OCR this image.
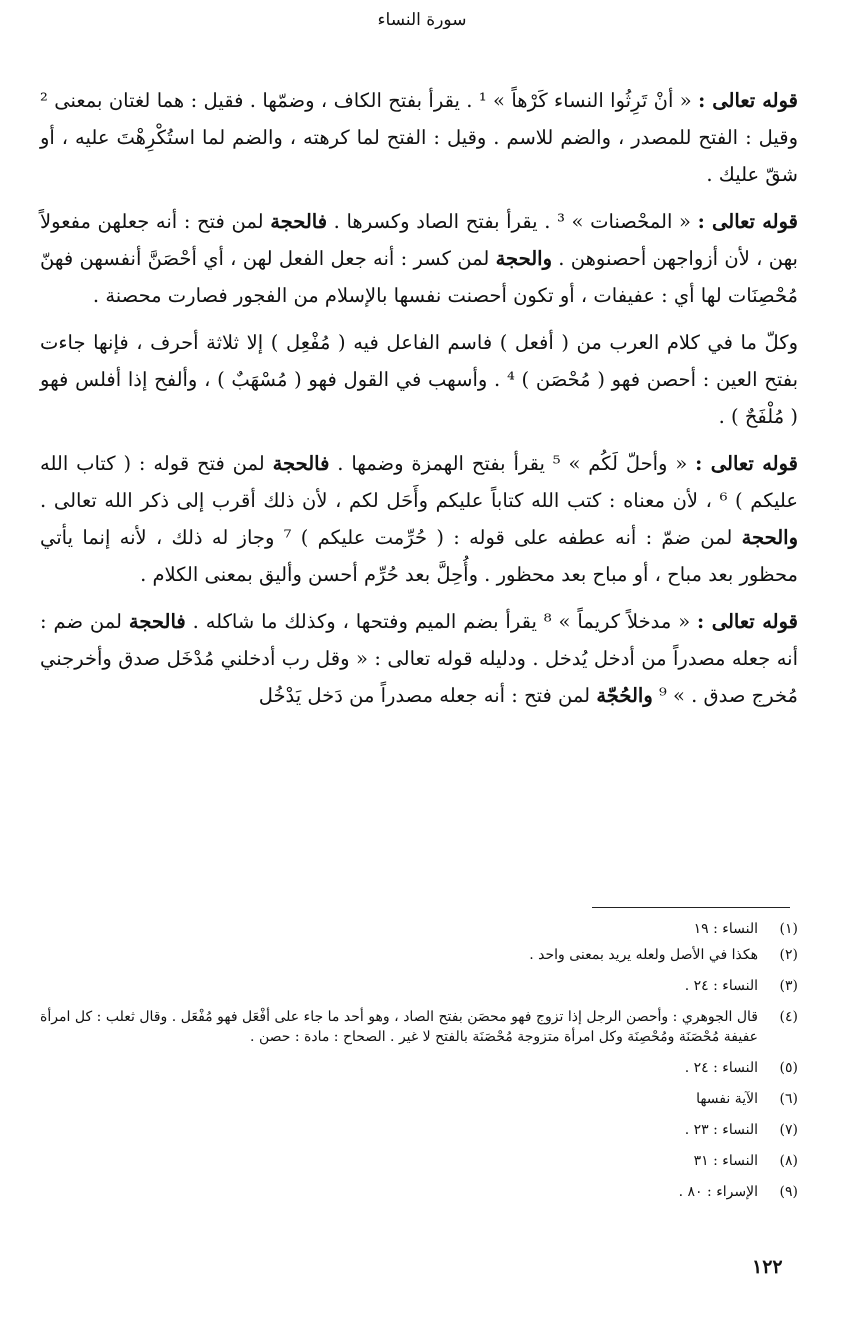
سورة النساء

قوله تعالى : « أنْ تَرِثُوا النساء كَرْهاً » ¹ . يقرأ بفتح الكاف ، وضمّها . فقيل : هما لغتان بمعنى ² وقيل : الفتح للمصدر ، والضم للاسم . وقيل : الفتح لما كرهته ، والضم لما استُكْرِهْتَ عليه ، أو شقّ عليك .

قوله تعالى : « المحْصنات » ³ . يقرأ بفتح الصاد وكسرها . فالحجة لمن فتح : أنه جعلهن مفعولاً بهن ، لأن أزواجهن أحصنوهن . والحجة لمن كسر : أنه جعل الفعل لهن ، أي أحْصَنَّ أنفسهن فهنّ مُحْصِنَات لها أي : عفيفات ، أو تكون أحصنت نفسها بالإسلام من الفجور فصارت محصنة .

وكلّ ما في كلام العرب من ( أفعل ) فاسم الفاعل فيه ( مُفْعِل ) إلا ثلاثة أحرف ، فإنها جاءت بفتح العين : أحصن فهو ( مُحْصَن ) ⁴ . وأسهب في القول فهو ( مُسْهَبٌ ) ، وألفح إذا أفلس فهو ( مُلْفَحٌ ) .

قوله تعالى : « وأحلّ لَكُم » ⁵ يقرأ بفتح الهمزة وضمها . فالحجة لمن فتح قوله : ( كتاب الله عليكم ) ⁶ ، لأن معناه : كتب الله كتاباً عليكم وأَحَل لكم ، لأن ذلك أقرب إلى ذكر الله تعالى . والحجة لمن ضمّ : أنه عطفه على قوله : ( حُرِّمت عليكم ) ⁷ وجاز له ذلك ، لأنه إنما يأتي محظور بعد مباح ، أو مباح بعد محظور . وأُحِلَّ بعد حُرِّم أحسن وأليق بمعنى الكلام .

قوله تعالى : « مدخلاً كريماً » ⁸ يقرأ بضم الميم وفتحها ، وكذلك ما شاكله . فالحجة لمن ضم : أنه جعله مصدراً من أدخل يُدخل . ودليله قوله تعالى : « وقل رب أدخلني مُدْخَل صدق وأخرجني مُخرج صدق . » ⁹ والحُجّة لمن فتح : أنه جعله مصدراً من دَخل يَدْخُل

(١)
النساء : ١٩
(٢)
هكذا في الأصل ولعله يريد بمعنى واحد .
(٣)
النساء : ٢٤ .
(٤)
قال الجوهري : وأحصن الرجل إذا تزوج فهو محصَن بفتح الصاد ، وهو أحد ما جاء على أفْعَل فهو مُفْعَل . وقال ثعلب : كل امرأة عفيفة مُحْصَنَة ومُحْصِنَة وكل امرأة متزوجة مُحْصَنَة بالفتح لا غير . الصحاح : مادة : حصن .
(٥)
النساء : ٢٤ .
(٦)
الآية نفسها
(٧)
النساء : ٢٣ .
(٨)
النساء : ٣١
(٩)
الإسراء : ٨٠ .
١٢٢
